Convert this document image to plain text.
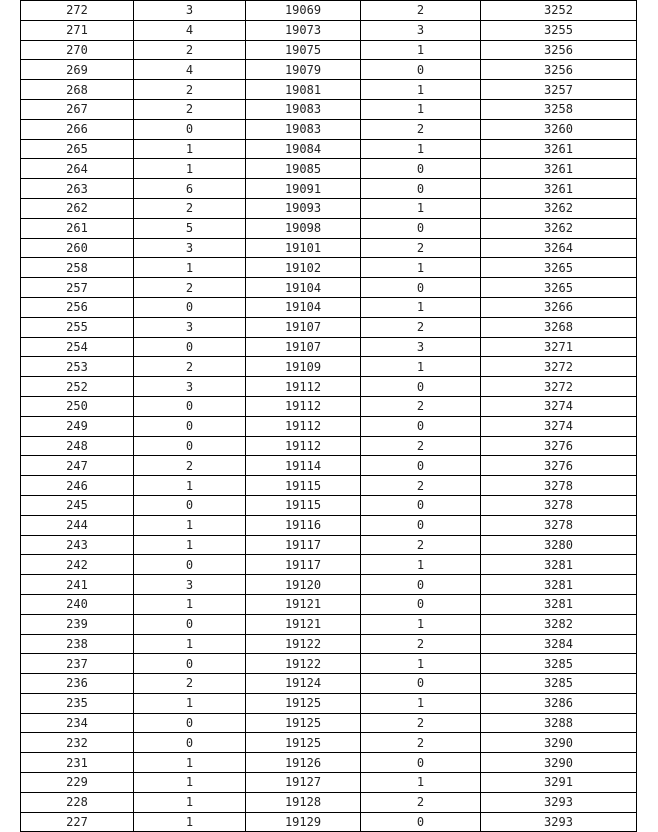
272	3	19069	2	3252
271	4	19073	3	3255
270	2	19075	1	3256
269	4	19079	0	3256
268	2	19081	1	3257
267	2	19083	1	3258
266	0	19083	2	3260
265	1	19084	1	3261
264	1	19085	0	3261
263	6	19091	0	3261
262	2	19093	1	3262
261	5	19098	0	3262
260	3	19101	2	3264
258	1	19102	1	3265
257	2	19104	0	3265
256	0	19104	1	3266
255	3	19107	2	3268
254	0	19107	3	3271
253	2	19109	1	3272
252	3	19112	0	3272
250	0	19112	2	3274
249	0	19112	0	3274
248	0	19112	2	3276
247	2	19114	0	3276
246	1	19115	2	3278
245	0	19115	0	3278
244	1	19116	0	3278
243	1	19117	2	3280
242	0	19117	1	3281
241	3	19120	0	3281
240	1	19121	0	3281
239	0	19121	1	3282
238	1	19122	2	3284
237	0	19122	1	3285
236	2	19124	0	3285
235	1	19125	1	3286
234	0	19125	2	3288
232	0	19125	2	3290
231	1	19126	0	3290
229	1	19127	1	3291
228	1	19128	2	3293
227	1	19129	0	3293
